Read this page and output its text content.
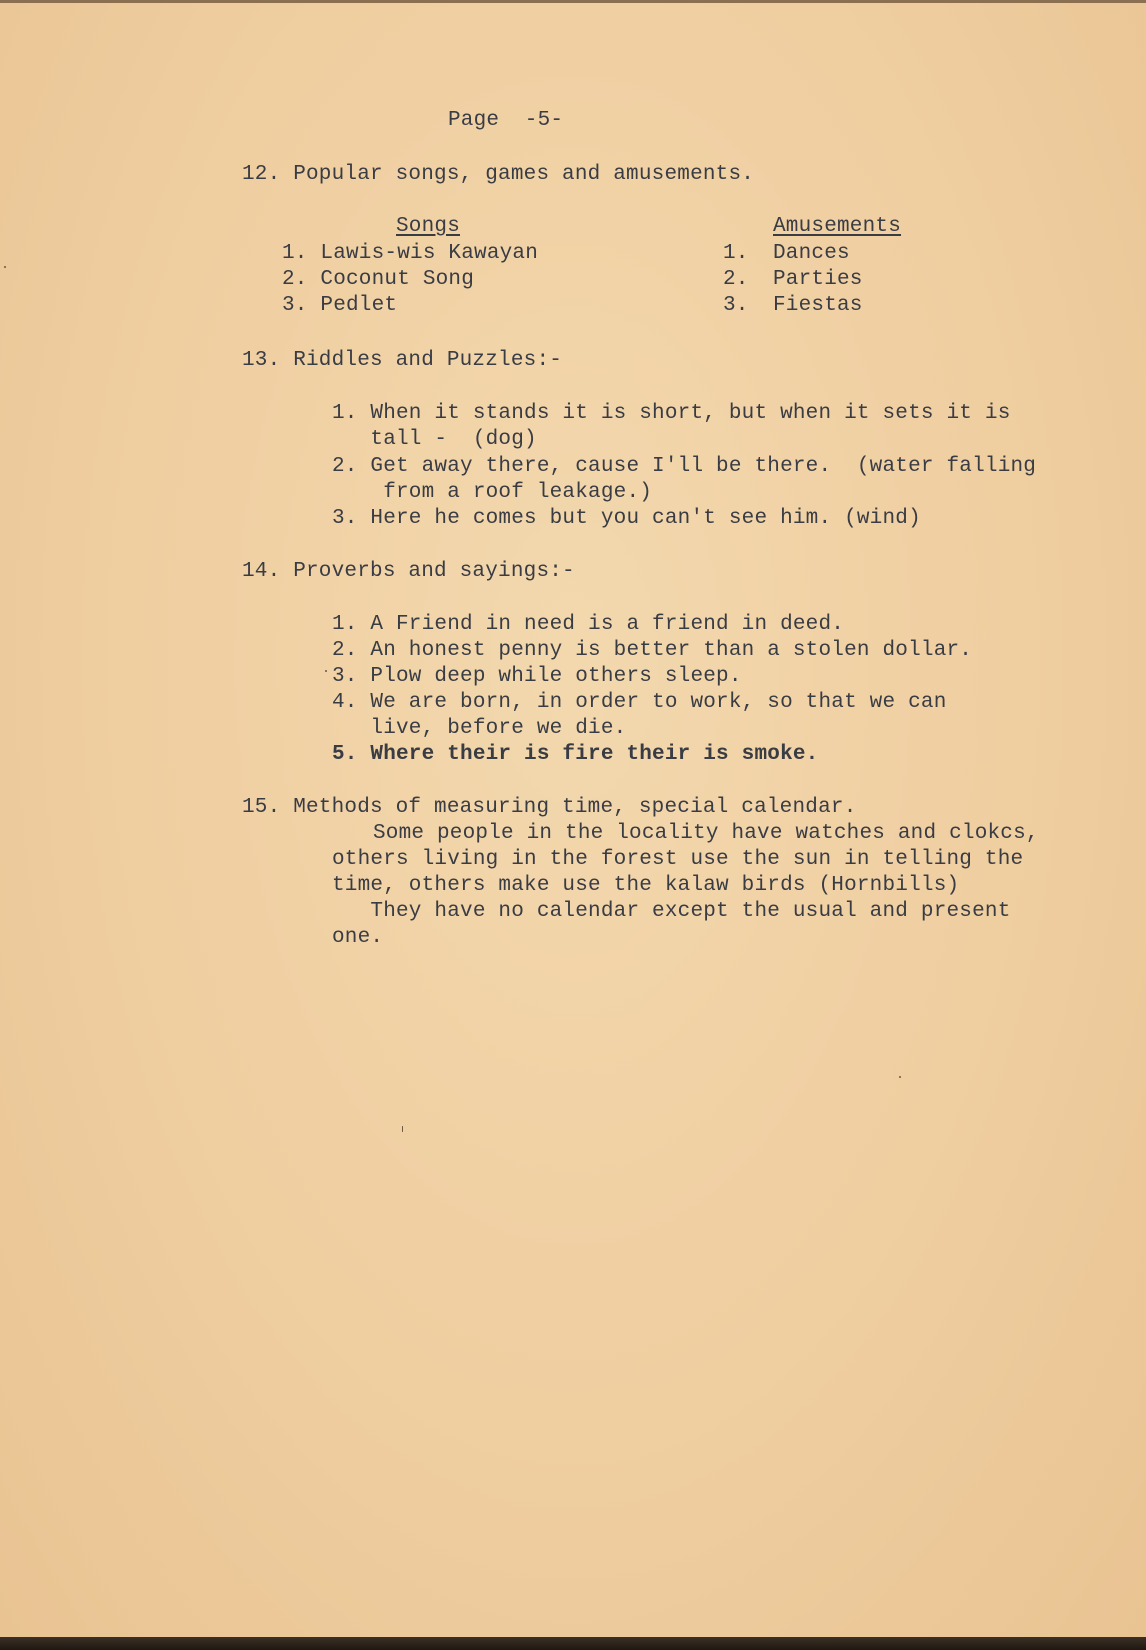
Page  -5-
12. Popular songs, games and amusements.
Songs	Amusements
1. Lawis-wis Kawayan
2. Coconut Song
3. Pedlet
1.
2.
3.
Dances
Parties
Fiestas
13. Riddles and Puzzles:-
1. When it stands it is short, but when it sets it is
tall -  (dog)
2. Get away there, cause I'll be there.  (water falling
from a roof leakage.)
3. Here he comes but you can't see him. (wind)
14. Proverbs and sayings:-
1. A Friend in need is a friend in deed.
2. An honest penny is better than a stolen dollar.
3. Plow deep while others sleep.
4. We are born, in order to work, so that we can
live, before we die.
5. Where their is fire their is smoke.
15. Methods of measuring time, special calendar.
Some people in the locality have watches and clokcs,
others living in the forest use the sun in telling the
time, others make use the kalaw birds (Hornbills)
They have no calendar except the usual and present
one.
